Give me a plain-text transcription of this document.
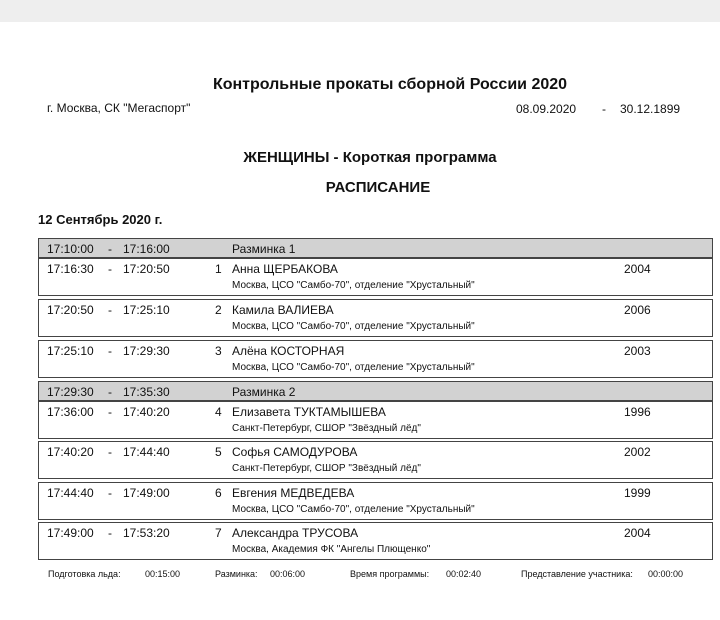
Контрольные прокаты сборной России 2020
г. Москва, СК "Мегаспорт"	08.09.2020 - 30.12.1899
ЖЕНЩИНЫ - Короткая программа
РАСПИСАНИЕ
12 Сентябрь 2020 г.
17:10:00 - 17:16:00	Разминка 1
17:16:30 - 17:20:50	1 Анна ЩЕРБАКОВА
Москва, ЦСО "Самбо-70", отделение "Хрустальный"
2004
17:20:50 - 17:25:10	2 Камила ВАЛИЕВА
Москва, ЦСО "Самбо-70", отделение "Хрустальный"
2006
17:25:10 - 17:29:30	3 Алёна КОСТОРНАЯ
Москва, ЦСО "Самбо-70", отделение "Хрустальный"
2003
17:29:30 - 17:35:30	Разминка 2
17:36:00 - 17:40:20	4 Елизавета ТУКТАМЫШЕВА
Санкт-Петербург, СШОР "Звёздный лёд"
1996
17:40:20 - 17:44:40	5 Софья САМОДУРОВА
Санкт-Петербург, СШОР "Звёздный лёд"
2002
17:44:40 - 17:49:00	6 Евгения МЕДВЕДЕВА
Москва, ЦСО "Самбо-70", отделение "Хрустальный"
1999
17:49:00 - 17:53:20	7 Александра ТРУСОВА
Москва, Академия ФК "Ангелы Плющенко"
2004
Подготовка льда:	00:15:00	Разминка: 00:06:00	Время программы: 00:02:40	Представление участника: 00:00:00
